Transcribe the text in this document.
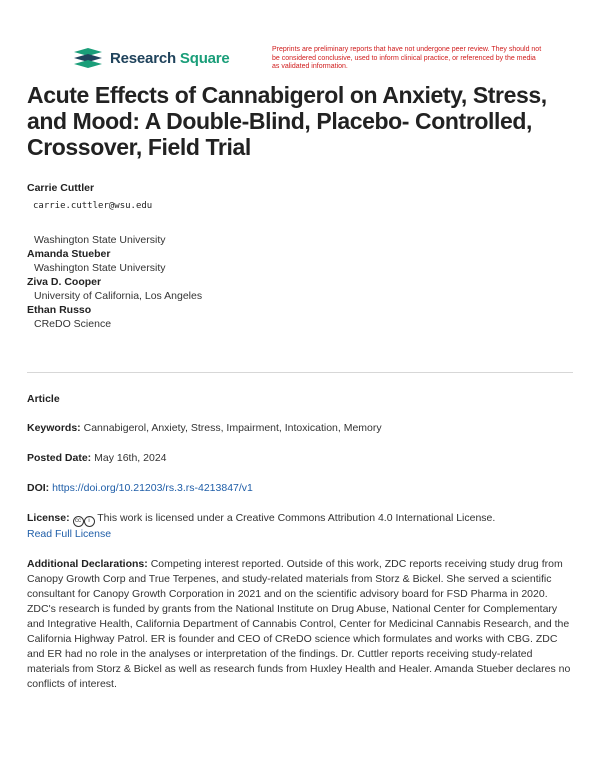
Research Square	Preprints are preliminary reports that have not undergone peer review. They should not be considered conclusive, used to inform clinical practice, or referenced by the media as validated information.
Acute Effects of Cannabigerol on Anxiety, Stress, and Mood: A Double-Blind, Placebo- Controlled, Crossover, Field Trial
Carrie Cuttler
carrie.cuttler@wsu.edu
Washington State University
Amanda Stueber
Washington State University
Ziva D. Cooper
University of California, Los Angeles
Ethan Russo
CReDO Science
Article
Keywords: Cannabigerol, Anxiety, Stress, Impairment, Intoxication, Memory
Posted Date: May 16th, 2024
DOI: https://doi.org/10.21203/rs.3.rs-4213847/v1
License: cc i This work is licensed under a Creative Commons Attribution 4.0 International License.
Read Full License
Additional Declarations: Competing interest reported. Outside of this work, ZDC reports receiving study drug from Canopy Growth Corp and True Terpenes, and study-related materials from Storz & Bickel. She served a scientific consultant for Canopy Growth Corporation in 2021 and on the scientific advisory board for FSD Pharma in 2020. ZDC's research is funded by grants from the National Institute on Drug Abuse, National Center for Complementary and Integrative Health, California Department of Cannabis Control, Center for Medicinal Cannabis Research, and the California Highway Patrol. ER is founder and CEO of CReDO science which formulates and works with CBG. ZDC and ER had no role in the analyses or interpretation of the findings. Dr. Cuttler reports receiving study-related materials from Storz & Bickel as well as research funds from Huxley Health and Healer. Amanda Stueber declares no conflicts of interest.
